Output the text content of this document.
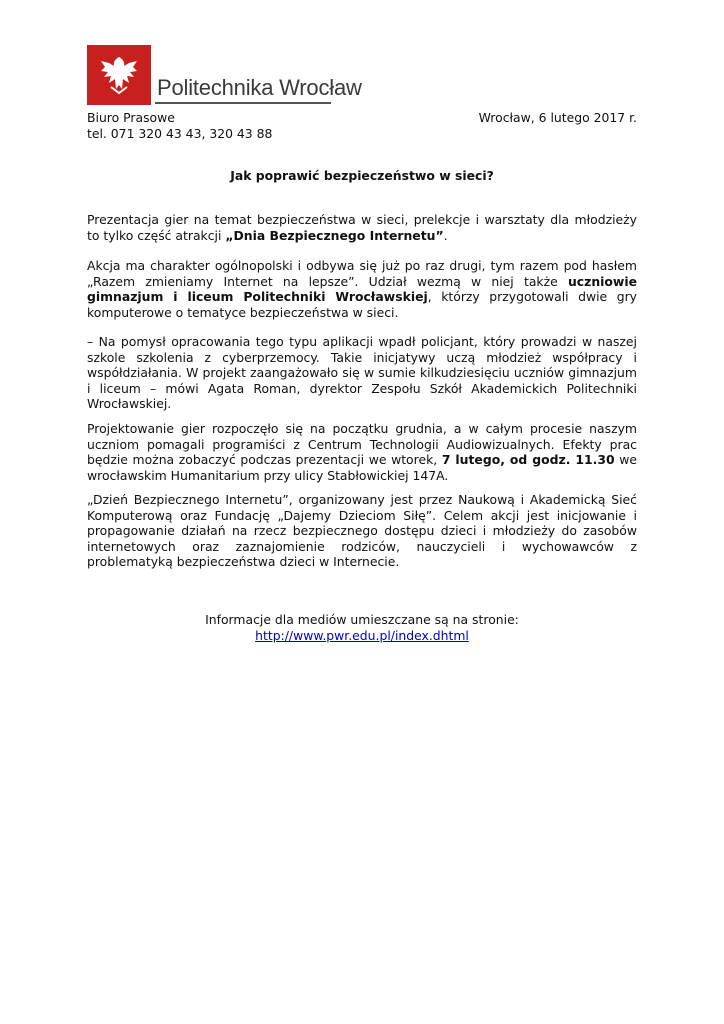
Politechnika Wrocław
Biuro Prasowe
tel. 071 320 43 43, 320 43 88
Wrocław, 6 lutego 2017 r.
Jak poprawić bezpieczeństwo w sieci?

Prezentacja gier na temat bezpieczeństwa w sieci, prelekcje i warsztaty dla młodzieży to tylko część atrakcji „Dnia Bezpiecznego Internetu”.

Akcja ma charakter ogólnopolski i odbywa się już po raz drugi, tym razem pod hasłem „Razem zmieniamy Internet na lepsze”. Udział wezmą w niej także uczniowie gimnazjum i liceum Politechniki Wrocławskiej, którzy przygotowali dwie gry komputerowe o tematyce bezpieczeństwa w sieci.

– Na pomysł opracowania tego typu aplikacji wpadł policjant, który prowadzi w naszej szkole szkolenia z cyberprzemocy. Takie inicjatywy uczą młodzież współpracy i współdziałania. W projekt zaangażowało się w sumie kilkudziesięciu uczniów gimnazjum i liceum – mówi Agata Roman, dyrektor Zespołu Szkół Akademickich Politechniki Wrocławskiej.

Projektowanie gier rozpoczęło się na początku grudnia, a w całym procesie naszym uczniom pomagali programiści z Centrum Technologii Audiowizualnych. Efekty prac będzie można zobaczyć podczas prezentacji we wtorek, 7 lutego, od godz. 11.30 we wrocławskim Humanitarium przy ulicy Stabłowickiej 147A.

„Dzień Bezpiecznego Internetu”, organizowany jest przez Naukową i Akademicką Sieć Komputerową oraz Fundację „Dajemy Dzieciom Siłę”. Celem akcji jest inicjowanie i propagowanie działań na rzecz bezpiecznego dostępu dzieci i młodzieży do zasobów internetowych oraz zaznajomienie rodziców, nauczycieli i wychowawców z problematyką bezpieczeństwa dzieci w Internecie.

Informacje dla mediów umieszczane są na stronie:
http://www.pwr.edu.pl/index.dhtml
